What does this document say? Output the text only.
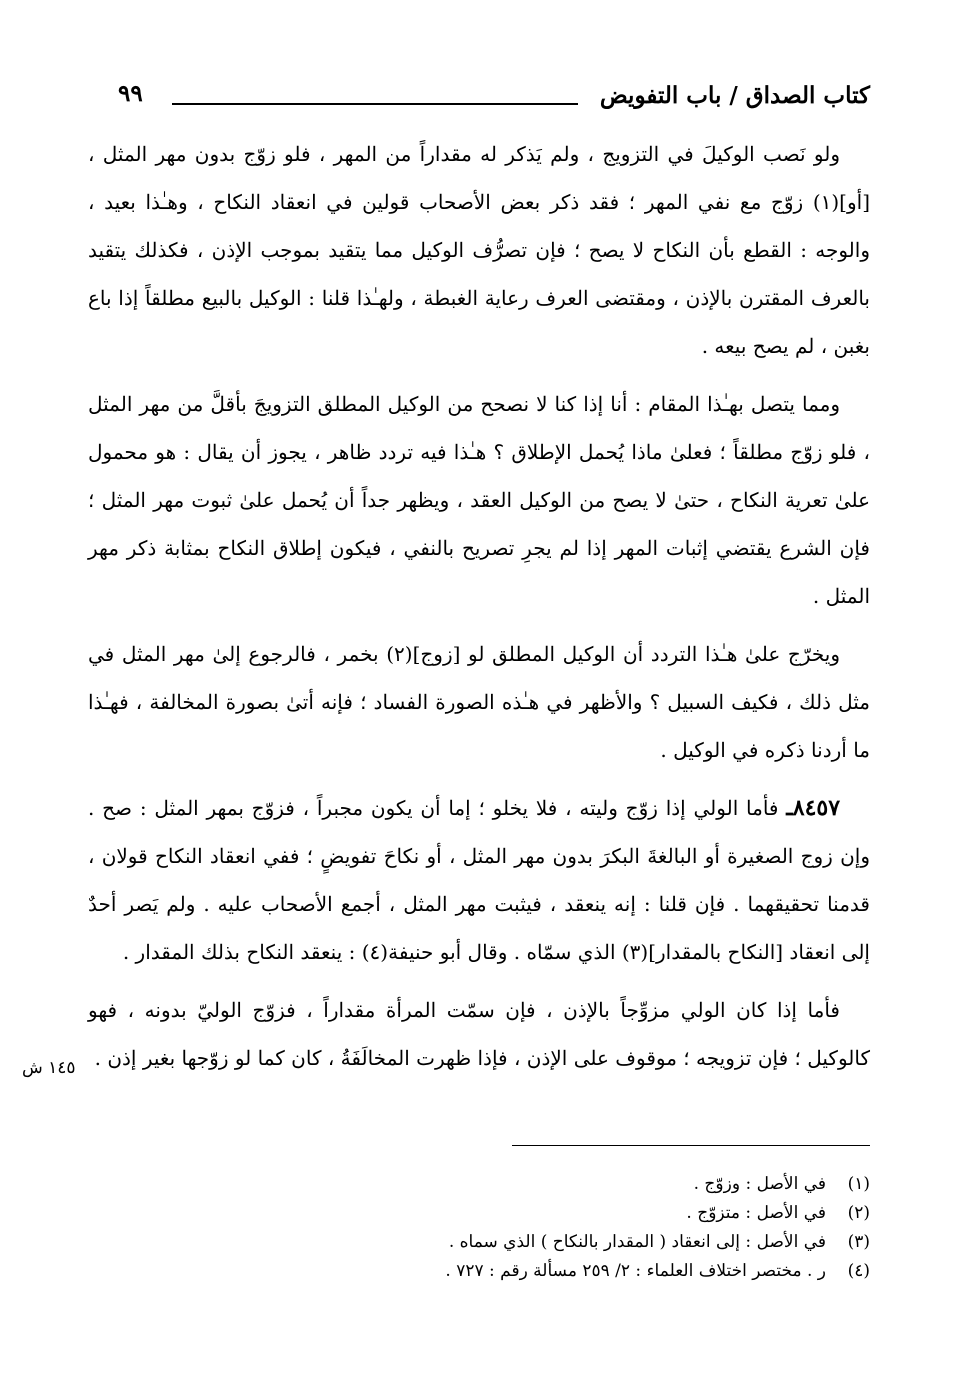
كتاب الصداق / باب التفويض
٩٩

ولو نَصب الوكيلَ في التزويج ، ولم يَذكر له مقداراً من المهر ، فلو زوّج بدون مهر المثل ، [أو](١) زوّج مع نفي المهر ؛ فقد ذكر بعض الأصحاب قولين في انعقاد النكاح ، وهـٰذا بعيد ، والوجه : القطع بأن النكاح لا يصح ؛ فإن تصرُّف الوكيل مما يتقيد بموجب الإذن ، فكذلك يتقيد بالعرف المقترن بالإذن ، ومقتضى العرف رعاية الغبطة ، ولهـٰذا قلنا : الوكيل بالبيع مطلقاً إذا باع بغبن ، لم يصح بيعه .

ومما يتصل بهـٰذا المقام : أنا إذا كنا لا نصحح من الوكيل المطلق التزويجَ بأقلَّ من مهر المثل ، فلو زوّج مطلقاً ؛ فعلىٰ ماذا يُحمل الإطلاق ؟ هـٰذا فيه تردد ظاهر ، يجوز أن يقال : هو محمول علىٰ تعرية النكاح ، حتىٰ لا يصح من الوكيل العقد ، ويظهر جداً أن يُحمل علىٰ ثبوت مهر المثل ؛ فإن الشرع يقتضي إثبات المهر إذا لم يجرِ تصريح بالنفي ، فيكون إطلاق النكاح بمثابة ذكر مهر المثل .

ويخرّج علىٰ هـٰذا التردد أن الوكيل المطلق لو [زوج](٢) بخمر ، فالرجوع إلىٰ مهر المثل في مثل ذلك ، فكيف السبيل ؟ والأظهر في هـٰذه الصورة الفساد ؛ فإنه أتىٰ بصورة المخالفة ، فهـٰذا ما أردنا ذكره في الوكيل .

٨٤٥٧ـ فأما الولي إذا زوّج وليته ، فلا يخلو ؛ إما أن يكون مجبراً ، فزوّج بمهر المثل : صح . وإن زوج الصغيرة أو البالغةَ البكرَ بدون مهر المثل ، أو نكاحَ تفويضٍ ؛ ففي انعقاد النكاح قولان ، قدمنا تحقيقهما . فإن قلنا : إنه ينعقد ، فيثبت مهر المثل ، أجمع الأصحاب عليه . ولم يَصر أحدٌ إلى انعقاد [النكاح بالمقدار](٣) الذي سمّاه . وقال أبو حنيفة(٤) : ينعقد النكاح بذلك المقدار .

فأما إذا كان الولي مزوِّجاً بالإذن ، فإن سمّت المرأة مقداراً ، فزوّج الوليّ بدونه ، فهو كالوكيل ؛ فإن تزويجه ؛ موقوف على الإذن ، فإذا ظهرت المخالَفَةُ ، كان كما لو زوّجها بغير إذن .

١٤٥ ش
(١)في الأصل : وزوّج .
(٢)في الأصل : متزوّج .
(٣)في الأصل : إلى انعقاد ( المقدار بالنكاح ) الذي سماه .
(٤)ر . مختصر اختلاف العلماء : ٢/ ٢٥٩ مسألة رقم : ٧٢٧ .
